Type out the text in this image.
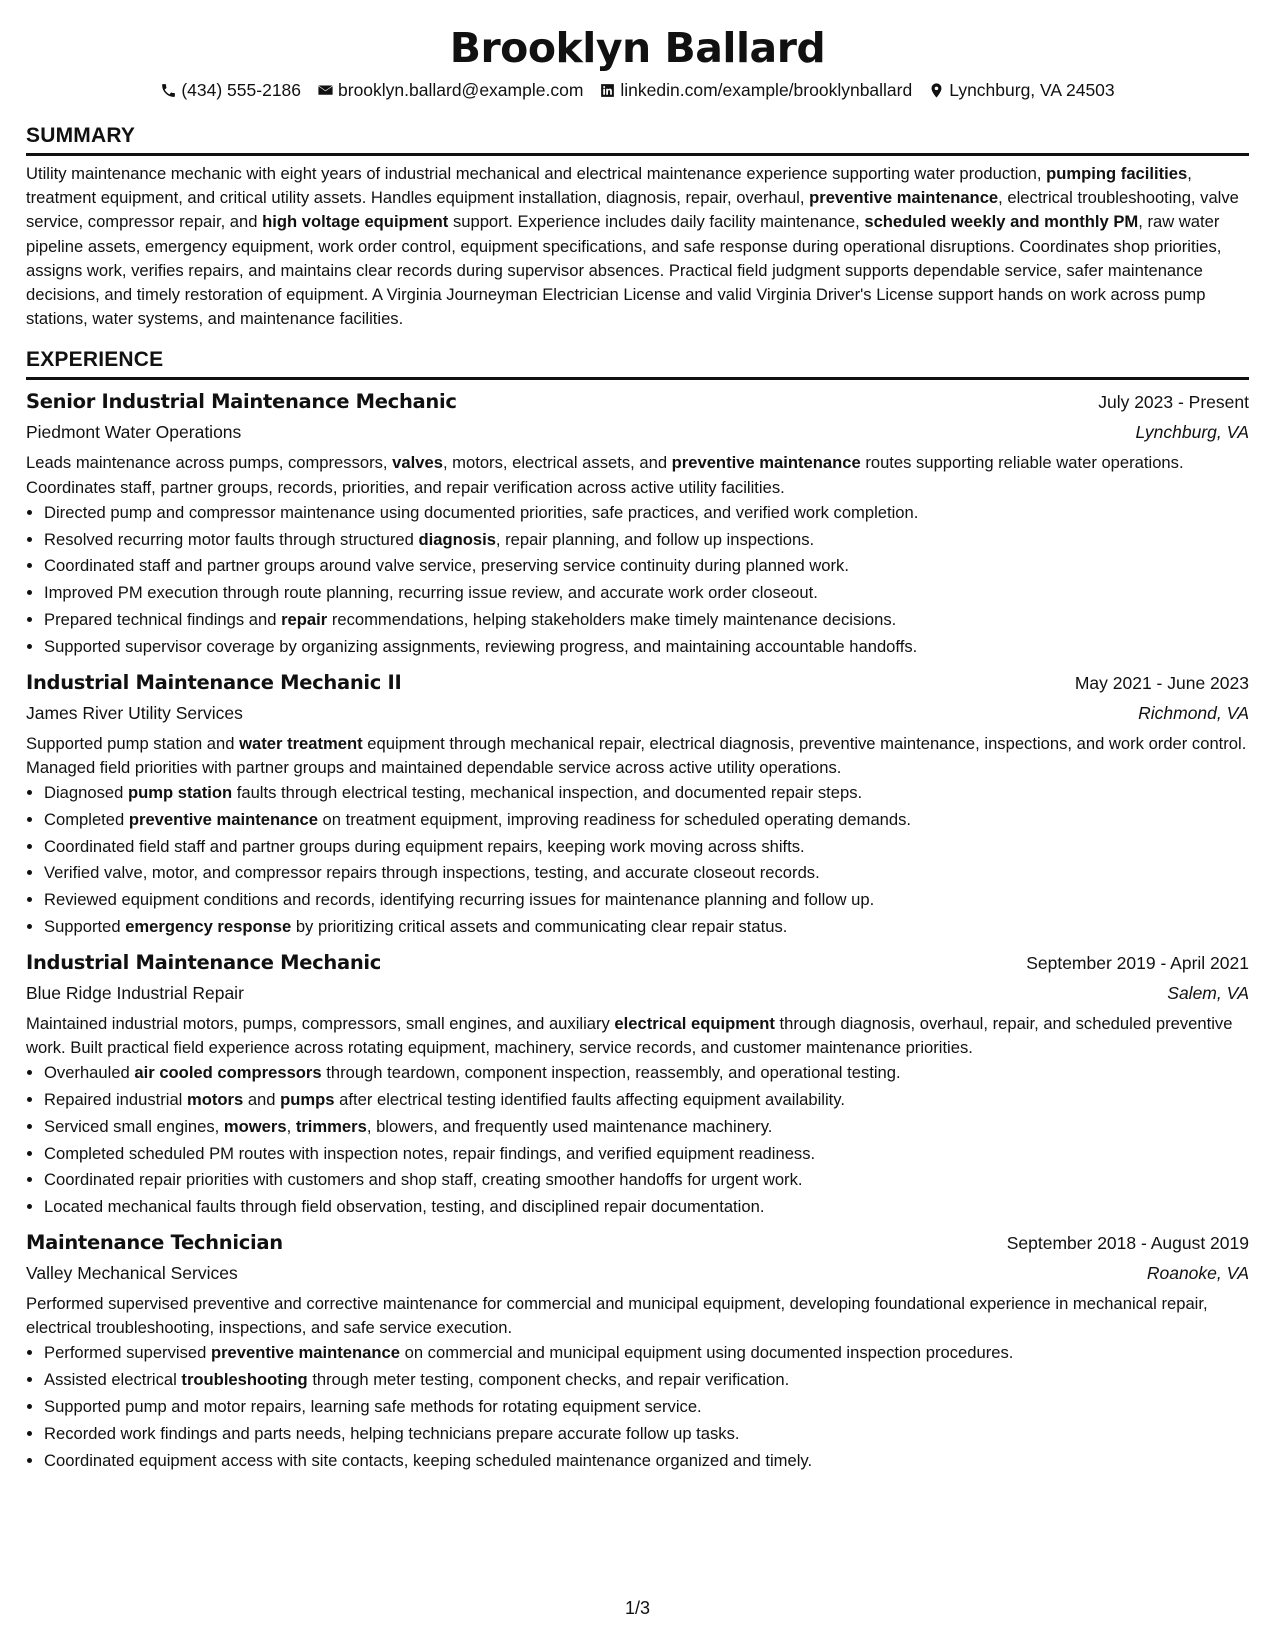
Brooklyn Ballard
(434) 555-2186 brooklyn.ballard@example.com linkedin.com/example/brooklynballard Lynchburg, VA 24503
SUMMARY
Utility maintenance mechanic with eight years of industrial mechanical and electrical maintenance experience supporting water production, pumping facilities, treatment equipment, and critical utility assets. Handles equipment installation, diagnosis, repair, overhaul, preventive maintenance, electrical troubleshooting, valve service, compressor repair, and high voltage equipment support. Experience includes daily facility maintenance, scheduled weekly and monthly PM, raw water pipeline assets, emergency equipment, work order control, equipment specifications, and safe response during operational disruptions. Coordinates shop priorities, assigns work, verifies repairs, and maintains clear records during supervisor absences. Practical field judgment supports dependable service, safer maintenance decisions, and timely restoration of equipment. A Virginia Journeyman Electrician License and valid Virginia Driver's License support hands on work across pump stations, water systems, and maintenance facilities.
EXPERIENCE
Senior Industrial Maintenance Mechanic	July 2023 - Present
Piedmont Water Operations	Lynchburg, VA
Leads maintenance across pumps, compressors, valves, motors, electrical assets, and preventive maintenance routes supporting reliable water operations. Coordinates staff, partner groups, records, priorities, and repair verification across active utility facilities.
• Directed pump and compressor maintenance using documented priorities, safe practices, and verified work completion.
• Resolved recurring motor faults through structured diagnosis, repair planning, and follow up inspections.
• Coordinated staff and partner groups around valve service, preserving service continuity during planned work.
• Improved PM execution through route planning, recurring issue review, and accurate work order closeout.
• Prepared technical findings and repair recommendations, helping stakeholders make timely maintenance decisions.
• Supported supervisor coverage by organizing assignments, reviewing progress, and maintaining accountable handoffs.
Industrial Maintenance Mechanic II	May 2021 - June 2023
James River Utility Services	Richmond, VA
Supported pump station and water treatment equipment through mechanical repair, electrical diagnosis, preventive maintenance, inspections, and work order control. Managed field priorities with partner groups and maintained dependable service across active utility operations.
• Diagnosed pump station faults through electrical testing, mechanical inspection, and documented repair steps.
• Completed preventive maintenance on treatment equipment, improving readiness for scheduled operating demands.
• Coordinated field staff and partner groups during equipment repairs, keeping work moving across shifts.
• Verified valve, motor, and compressor repairs through inspections, testing, and accurate closeout records.
• Reviewed equipment conditions and records, identifying recurring issues for maintenance planning and follow up.
• Supported emergency response by prioritizing critical assets and communicating clear repair status.
Industrial Maintenance Mechanic	September 2019 - April 2021
Blue Ridge Industrial Repair	Salem, VA
Maintained industrial motors, pumps, compressors, small engines, and auxiliary electrical equipment through diagnosis, overhaul, repair, and scheduled preventive work. Built practical field experience across rotating equipment, machinery, service records, and customer maintenance priorities.
• Overhauled air cooled compressors through teardown, component inspection, reassembly, and operational testing.
• Repaired industrial motors and pumps after electrical testing identified faults affecting equipment availability.
• Serviced small engines, mowers, trimmers, blowers, and frequently used maintenance machinery.
• Completed scheduled PM routes with inspection notes, repair findings, and verified equipment readiness.
• Coordinated repair priorities with customers and shop staff, creating smoother handoffs for urgent work.
• Located mechanical faults through field observation, testing, and disciplined repair documentation.
Maintenance Technician	September 2018 - August 2019
Valley Mechanical Services	Roanoke, VA
Performed supervised preventive and corrective maintenance for commercial and municipal equipment, developing foundational experience in mechanical repair, electrical troubleshooting, inspections, and safe service execution.
• Performed supervised preventive maintenance on commercial and municipal equipment using documented inspection procedures.
• Assisted electrical troubleshooting through meter testing, component checks, and repair verification.
• Supported pump and motor repairs, learning safe methods for rotating equipment service.
• Recorded work findings and parts needs, helping technicians prepare accurate follow up tasks.
• Coordinated equipment access with site contacts, keeping scheduled maintenance organized and timely.
1/3
